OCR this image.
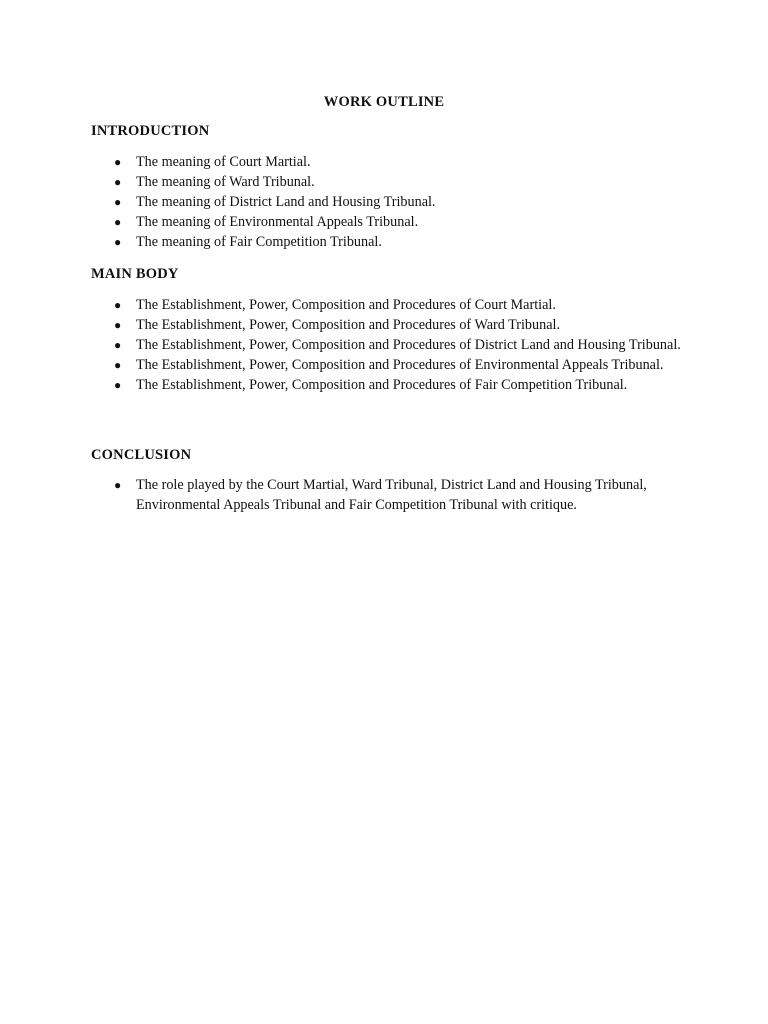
WORK OUTLINE
INTRODUCTION
● The meaning of Court Martial.
● The meaning of Ward Tribunal.
● The meaning of District Land and Housing Tribunal.
● The meaning of Environmental Appeals Tribunal.
● The meaning of Fair Competition Tribunal.
MAIN BODY
● The Establishment, Power, Composition and Procedures of Court Martial.
● The Establishment, Power, Composition and Procedures of Ward Tribunal.
● The Establishment, Power, Composition and Procedures of District Land and Housing Tribunal.
● The Establishment, Power, Composition and Procedures of Environmental Appeals Tribunal.
● The Establishment, Power, Composition and Procedures of Fair Competition Tribunal.
CONCLUSION
● The role played by the Court Martial, Ward Tribunal, District Land and Housing Tribunal, Environmental Appeals Tribunal and Fair Competition Tribunal with critique.
